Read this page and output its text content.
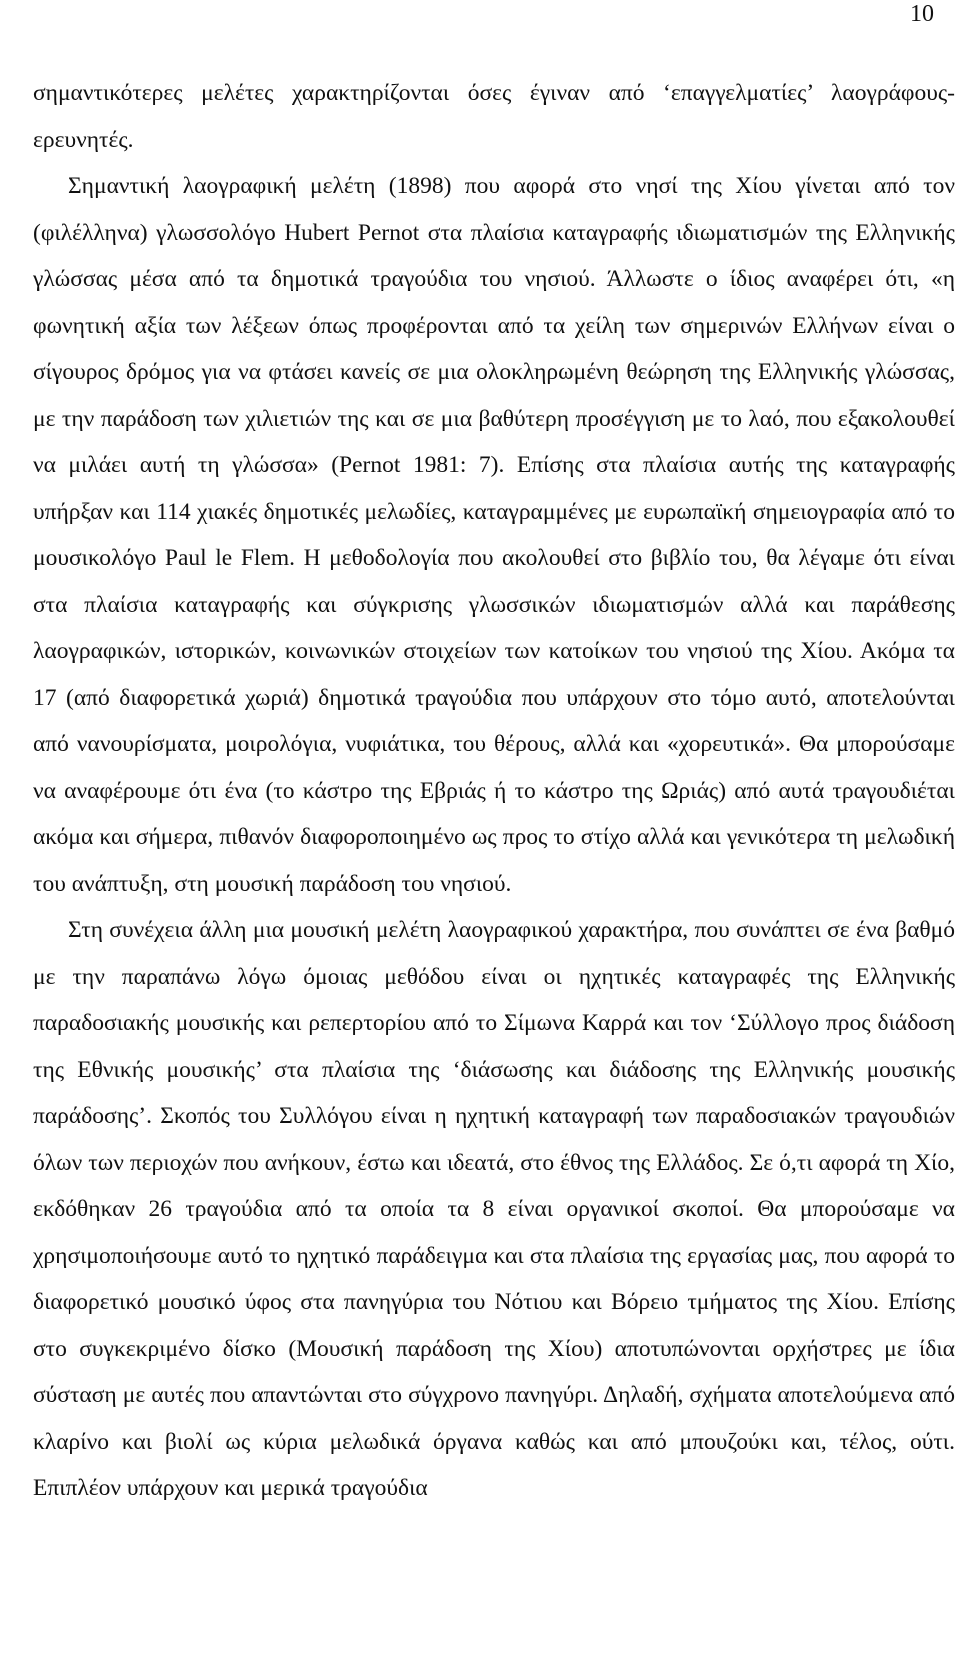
10

σημαντικότερες μελέτες χαρακτηρίζονται όσες έγιναν από ‘επαγγελματίες’ λαογράφους-ερευνητές.

Σημαντική λαογραφική μελέτη (1898) που αφορά στο νησί της Χίου γίνεται από τον (φιλέλληνα) γλωσσολόγο Hubert Pernot στα πλαίσια καταγραφής ιδιωματισμών της Ελληνικής γλώσσας μέσα από τα δημοτικά τραγούδια του νησιού. Άλλωστε ο ίδιος αναφέρει ότι, «η φωνητική αξία των λέξεων όπως προφέρονται από τα χείλη των σημερινών Ελλήνων είναι ο σίγουρος δρόμος για να φτάσει κανείς σε μια ολοκληρωμένη θεώρηση της Ελληνικής γλώσσας, με την παράδοση των χιλιετιών της και σε μια βαθύτερη προσέγγιση με το λαό, που εξακολουθεί να μιλάει αυτή τη γλώσσα» (Pernot 1981: 7). Επίσης στα πλαίσια αυτής της καταγραφής υπήρξαν και 114 χιακές δημοτικές μελωδίες, καταγραμμένες με ευρωπαϊκή σημειογραφία από το μουσικολόγο Paul le Flem. Η μεθοδολογία που ακολουθεί στο βιβλίο του, θα λέγαμε ότι είναι στα πλαίσια καταγραφής και σύγκρισης γλωσσικών ιδιωματισμών αλλά και παράθεσης λαογραφικών, ιστορικών, κοινωνικών στοιχείων των κατοίκων του νησιού της Χίου. Ακόμα τα 17 (από διαφορετικά χωριά) δημοτικά τραγούδια που υπάρχουν στο τόμο αυτό, αποτελούνται από νανουρίσματα, μοιρολόγια, νυφιάτικα, του θέρους, αλλά και «χορευτικά». Θα μπορούσαμε να αναφέρουμε ότι ένα (το κάστρο της Εβριάς ή το κάστρο της Ωριάς) από αυτά τραγουδιέται ακόμα και σήμερα, πιθανόν διαφοροποιημένο ως προς το στίχο αλλά και γενικότερα τη μελωδική του ανάπτυξη, στη μουσική παράδοση του νησιού.

Στη συνέχεια άλλη μια μουσική μελέτη λαογραφικού χαρακτήρα, που συνάπτει σε ένα βαθμό με την παραπάνω λόγω όμοιας μεθόδου είναι οι ηχητικές καταγραφές της Ελληνικής παραδοσιακής μουσικής και ρεπερτορίου από το Σίμωνα Καρρά και τον ‘Σύλλογο προς διάδοση της Εθνικής μουσικής’ στα πλαίσια της ‘διάσωσης και διάδοσης της Ελληνικής μουσικής παράδοσης’. Σκοπός του Συλλόγου είναι η ηχητική καταγραφή των παραδοσιακών τραγουδιών όλων των περιοχών που ανήκουν, έστω και ιδεατά, στο έθνος της Ελλάδος. Σε ό,τι αφορά τη Χίο, εκδόθηκαν 26 τραγούδια από τα οποία τα 8 είναι οργανικοί σκοποί. Θα μπορούσαμε να χρησιμοποιήσουμε αυτό το ηχητικό παράδειγμα και στα πλαίσια της εργασίας μας, που αφορά το διαφορετικό μουσικό ύφος στα πανηγύρια του Νότιου και Βόρειο τμήματος της Χίου. Επίσης στο συγκεκριμένο δίσκο (Μουσική παράδοση της Χίου) αποτυπώνονται ορχήστρες με ίδια σύσταση με αυτές που απαντώνται στο σύγχρονο πανηγύρι. Δηλαδή, σχήματα αποτελούμενα από κλαρίνο και βιολί ως κύρια μελωδικά όργανα καθώς και από μπουζούκι και, τέλος, ούτι. Επιπλέον υπάρχουν και μερικά τραγούδια
